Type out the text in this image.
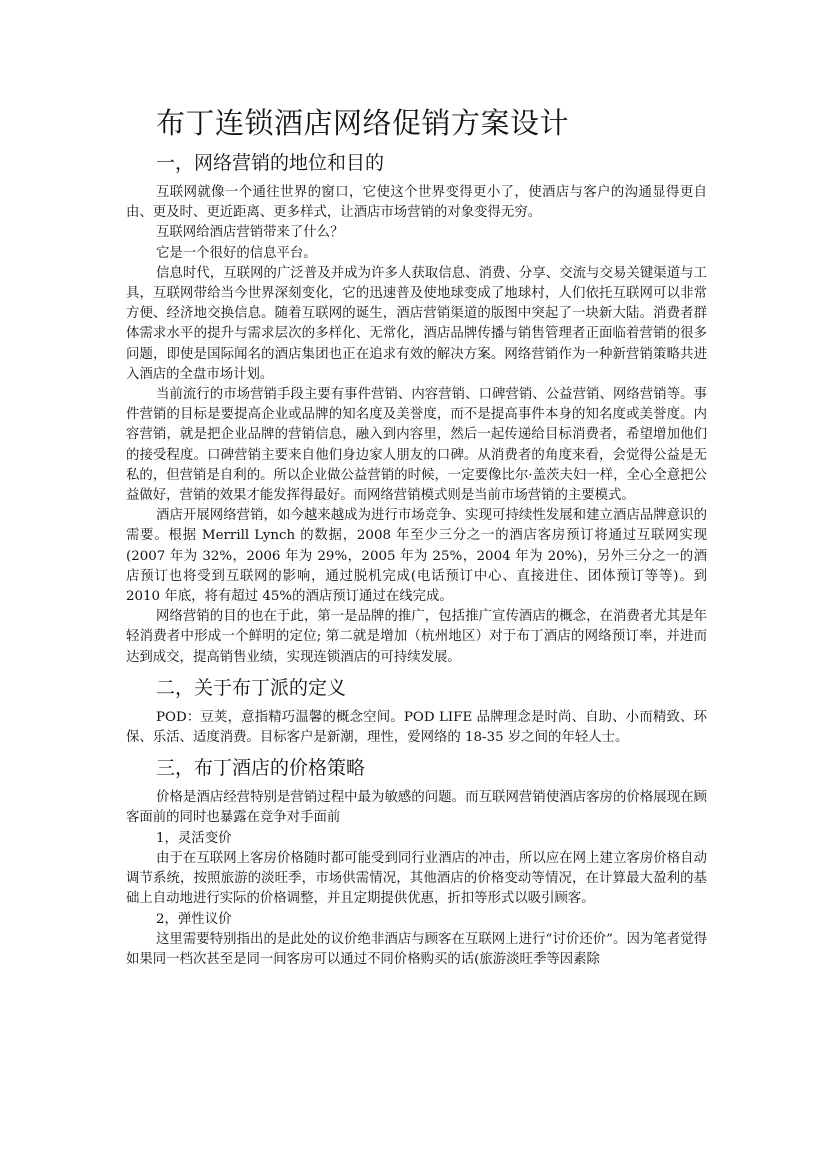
布丁连锁酒店网络促销方案设计
一，网络营销的地位和目的

互联网就像一个通往世界的窗口，它使这个世界变得更小了，使酒店与客户的沟通显得更自由、更及时、更近距离、更多样式，让酒店市场营销的对象变得无穷。

互联网给酒店营销带来了什么？

它是一个很好的信息平台。

信息时代，互联网的广泛普及并成为许多人获取信息、消费、分享、交流与交易关键渠道与工具，互联网带给当今世界深刻变化，它的迅速普及使地球变成了地球村，人们依托互联网可以非常方便、经济地交换信息。随着互联网的诞生，酒店营销渠道的版图中突起了一块新大陆。消费者群体需求水平的提升与需求层次的多样化、无常化，酒店品牌传播与销售管理者正面临着营销的很多问题，即使是国际闻名的酒店集团也正在追求有效的解决方案。网络营销作为一种新营销策略共进入酒店的全盘市场计划。

当前流行的市场营销手段主要有事件营销、内容营销、口碑营销、公益营销、网络营销等。事件营销的目标是要提高企业或品牌的知名度及美誉度，而不是提高事件本身的知名度或美誉度。内容营销，就是把企业品牌的营销信息，融入到内容里，然后一起传递给目标消费者，希望增加他们的接受程度。口碑营销主要来自他们身边家人朋友的口碑。从消费者的角度来看，会觉得公益是无私的，但营销是自利的。所以企业做公益营销的时候，一定要像比尔·盖茨夫妇一样，全心全意把公益做好，营销的效果才能发挥得最好。而网络营销模式则是当前市场营销的主要模式。

酒店开展网络营销，如今越来越成为进行市场竞争、实现可持续性发展和建立酒店品牌意识的需要。根据 Merrill Lynch 的数据，2008 年至少三分之一的酒店客房预订将通过互联网实现(2007 年为 32%，2006 年为 29%，2005 年为 25%，2004 年为 20%)，另外三分之一的酒店预订也将受到互联网的影响，通过脱机完成(电话预订中心、直接进住、团体预订等等)。到 2010 年底，将有超过 45%的酒店预订通过在线完成。

网络营销的目的也在于此，第一是品牌的推广，包括推广宣传酒店的概念，在消费者尤其是年轻消费者中形成一个鲜明的定位; 第二就是增加（杭州地区）对于布丁酒店的网络预订率，并进而达到成交，提高销售业绩，实现连锁酒店的可持续发展。

二，关于布丁派的定义

POD：豆荚，意指精巧温馨的概念空间。POD LIFE 品牌理念是时尚、自助、小而精致、环保、乐活、适度消费。目标客户是新潮，理性，爱网络的 18-35 岁之间的年轻人士。

三，布丁酒店的价格策略

价格是酒店经营特别是营销过程中最为敏感的问题。而互联网营销使酒店客房的价格展现在顾客面前的同时也暴露在竞争对手面前

1，灵活变价

由于在互联网上客房价格随时都可能受到同行业酒店的冲击，所以应在网上建立客房价格自动调节系统，按照旅游的淡旺季，市场供需情况，其他酒店的价格变动等情况，在计算最大盈利的基础上自动地进行实际的价格调整，并且定期提供优惠，折扣等形式以吸引顾客。

2，弹性议价

这里需要特别指出的是此处的议价绝非酒店与顾客在互联网上进行“讨价还价”。因为笔者觉得如果同一档次甚至是同一间客房可以通过不同价格购买的话(旅游淡旺季等因素除
